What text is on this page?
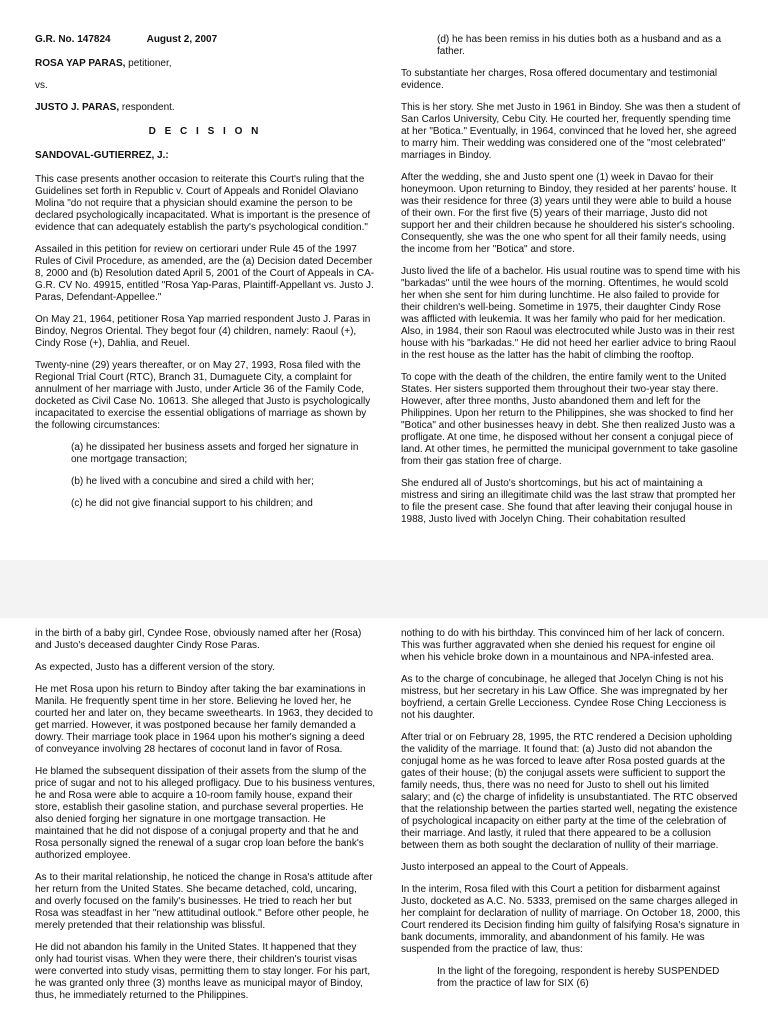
G.R. No. 147824	August 2, 2007

ROSA YAP PARAS, petitioner,

vs.

JUSTO J. PARAS, respondent.

D E C I S I O N
SANDOVAL-GUTIERREZ, J.:

This case presents another occasion to reiterate this Court's ruling that the Guidelines set forth in Republic v. Court of Appeals and Ronidel Olaviano Molina "do not require that a physician should examine the person to be declared psychologically incapacitated. What is important is the presence of evidence that can adequately establish the party's psychological condition."

Assailed in this petition for review on certiorari under Rule 45 of the 1997 Rules of Civil Procedure, as amended, are the (a) Decision dated December 8, 2000 and (b) Resolution dated April 5, 2001 of the Court of Appeals in CA-G.R. CV No. 49915, entitled "Rosa Yap-Paras, Plaintiff-Appellant vs. Justo J. Paras, Defendant-Appellee."

On May 21, 1964, petitioner Rosa Yap married respondent Justo J. Paras in Bindoy, Negros Oriental. They begot four (4) children, namely: Raoul (+), Cindy Rose (+), Dahlia, and Reuel.

Twenty-nine (29) years thereafter, or on May 27, 1993, Rosa filed with the Regional Trial Court (RTC), Branch 31, Dumaguete City, a complaint for annulment of her marriage with Justo, under Article 36 of the Family Code, docketed as Civil Case No. 10613. She alleged that Justo is psychologically incapacitated to exercise the essential obligations of marriage as shown by the following circumstances:

(a) he dissipated her business assets and forged her signature in one mortgage transaction;

(b) he lived with a concubine and sired a child with her;

(c) he did not give financial support to his children; and

(d) he has been remiss in his duties both as a husband and as a father.

To substantiate her charges, Rosa offered documentary and testimonial evidence.

This is her story. She met Justo in 1961 in Bindoy. She was then a student of San Carlos University, Cebu City. He courted her, frequently spending time at her "Botica." Eventually, in 1964, convinced that he loved her, she agreed to marry him. Their wedding was considered one of the "most celebrated" marriages in Bindoy.

After the wedding, she and Justo spent one (1) week in Davao for their honeymoon. Upon returning to Bindoy, they resided at her parents' house. It was their residence for three (3) years until they were able to build a house of their own. For the first five (5) years of their marriage, Justo did not support her and their children because he shouldered his sister's schooling. Consequently, she was the one who spent for all their family needs, using the income from her "Botica" and store.

Justo lived the life of a bachelor. His usual routine was to spend time with his "barkadas" until the wee hours of the morning. Oftentimes, he would scold her when she sent for him during lunchtime. He also failed to provide for their children's well-being. Sometime in 1975, their daughter Cindy Rose was afflicted with leukemia. It was her family who paid for her medication. Also, in 1984, their son Raoul was electrocuted while Justo was in their rest house with his "barkadas." He did not heed her earlier advice to bring Raoul in the rest house as the latter has the habit of climbing the rooftop.

To cope with the death of the children, the entire family went to the United States. Her sisters supported them throughout their two-year stay there. However, after three months, Justo abandoned them and left for the Philippines. Upon her return to the Philippines, she was shocked to find her "Botica" and other businesses heavy in debt. She then realized Justo was a profligate. At one time, he disposed without her consent a conjugal piece of land. At other times, he permitted the municipal government to take gasoline from their gas station free of charge.

She endured all of Justo's shortcomings, but his act of maintaining a mistress and siring an illegitimate child was the last straw that prompted her to file the present case. She found that after leaving their conjugal house in 1988, Justo lived with Jocelyn Ching. Their cohabitation resulted

in the birth of a baby girl, Cyndee Rose, obviously named after her (Rosa) and Justo's deceased daughter Cindy Rose Paras.

As expected, Justo has a different version of the story.

He met Rosa upon his return to Bindoy after taking the bar examinations in Manila. He frequently spent time in her store. Believing he loved her, he courted her and later on, they became sweethearts. In 1963, they decided to get married. However, it was postponed because her family demanded a dowry. Their marriage took place in 1964 upon his mother's signing a deed of conveyance involving 28 hectares of coconut land in favor of Rosa.

He blamed the subsequent dissipation of their assets from the slump of the price of sugar and not to his alleged profligacy. Due to his business ventures, he and Rosa were able to acquire a 10-room family house, expand their store, establish their gasoline station, and purchase several properties. He also denied forging her signature in one mortgage transaction. He maintained that he did not dispose of a conjugal property and that he and Rosa personally signed the renewal of a sugar crop loan before the bank's authorized employee.

As to their marital relationship, he noticed the change in Rosa's attitude after her return from the United States. She became detached, cold, uncaring, and overly focused on the family's businesses. He tried to reach her but Rosa was steadfast in her "new attitudinal outlook." Before other people, he merely pretended that their relationship was blissful.

He did not abandon his family in the United States. It happened that they only had tourist visas. When they were there, their children's tourist visas were converted into study visas, permitting them to stay longer. For his part, he was granted only three (3) months leave as municipal mayor of Bindoy, thus, he immediately returned to the Philippines.

nothing to do with his birthday. This convinced him of her lack of concern. This was further aggravated when she denied his request for engine oil when his vehicle broke down in a mountainous and NPA-infested area.

As to the charge of concubinage, he alleged that Jocelyn Ching is not his mistress, but her secretary in his Law Office. She was impregnated by her boyfriend, a certain Grelle Leccioness. Cyndee Rose Ching Leccioness is not his daughter.

After trial or on February 28, 1995, the RTC rendered a Decision upholding the validity of the marriage. It found that: (a) Justo did not abandon the conjugal home as he was forced to leave after Rosa posted guards at the gates of their house; (b) the conjugal assets were sufficient to support the family needs, thus, there was no need for Justo to shell out his limited salary; and (c) the charge of infidelity is unsubstantiated. The RTC observed that the relationship between the parties started well, negating the existence of psychological incapacity on either party at the time of the celebration of their marriage. And lastly, it ruled that there appeared to be a collusion between them as both sought the declaration of nullity of their marriage.

Justo interposed an appeal to the Court of Appeals.

In the interim, Rosa filed with this Court a petition for disbarment against Justo, docketed as A.C. No. 5333, premised on the same charges alleged in her complaint for declaration of nullity of marriage. On October 18, 2000, this Court rendered its Decision finding him guilty of falsifying Rosa's signature in bank documents, immorality, and abandonment of his family. He was suspended from the practice of law, thus:

In the light of the foregoing, respondent is hereby SUSPENDED from the practice of law for SIX (6)
